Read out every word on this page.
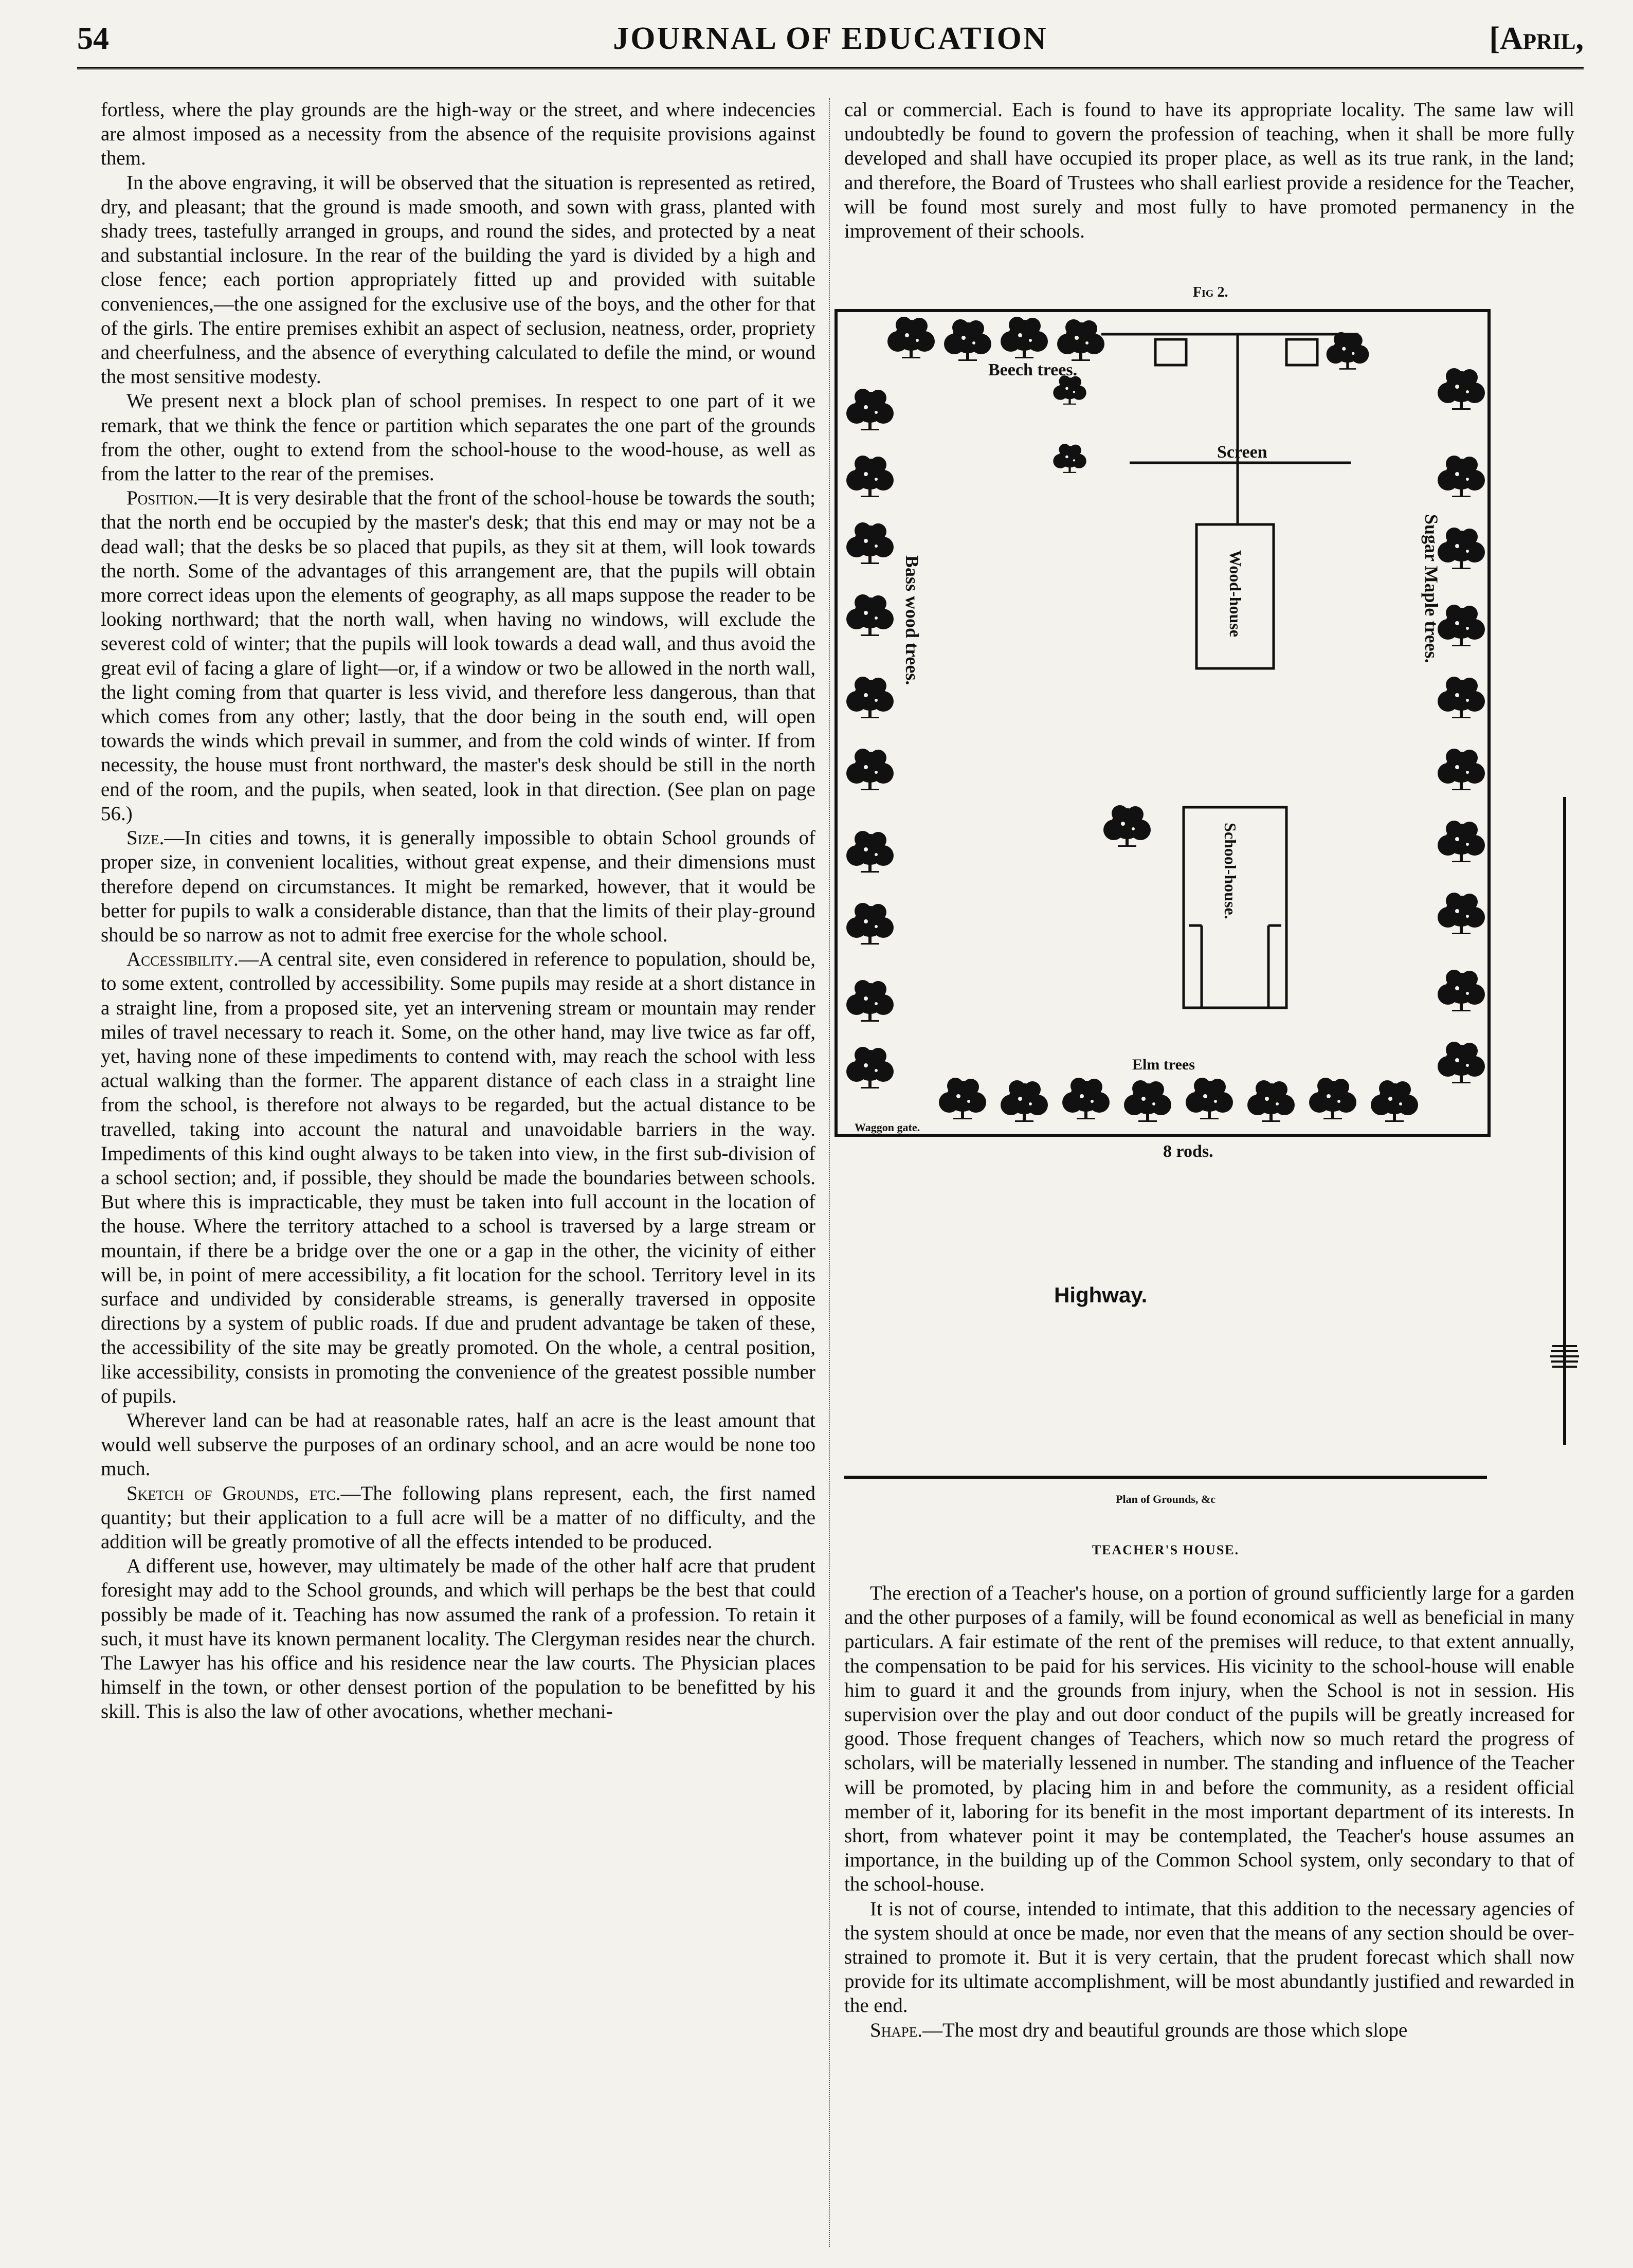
54	JOURNAL OF EDUCATION	[April,

fortless, where the play grounds are the high-way or the street, and where indecencies are almost imposed as a necessity from the absence of the requisite provisions against them.

In the above engraving, it will be observed that the situation is represented as retired, dry, and pleasant; that the ground is made smooth, and sown with grass, planted with shady trees, tastefully arranged in groups, and round the sides, and protected by a neat and substantial inclosure. In the rear of the building the yard is divided by a high and close fence; each portion appropriately fitted up and provided with suitable conveniences,—the one assigned for the exclusive use of the boys, and the other for that of the girls. The entire premises exhibit an aspect of seclusion, neatness, order, propriety and cheerfulness, and the absence of everything calculated to defile the mind, or wound the most sensitive modesty.

We present next a block plan of school premises. In respect to one part of it we remark, that we think the fence or partition which separates the one part of the grounds from the other, ought to extend from the school-house to the wood-house, as well as from the latter to the rear of the premises.

Position.—It is very desirable that the front of the school-house be towards the south; that the north end be occupied by the master's desk; that this end may or may not be a dead wall; that the desks be so placed that pupils, as they sit at them, will look towards the north. Some of the advantages of this arrangement are, that the pupils will obtain more correct ideas upon the elements of geography, as all maps suppose the reader to be looking northward; that the north wall, when having no windows, will exclude the severest cold of winter; that the pupils will look towards a dead wall, and thus avoid the great evil of facing a glare of light—or, if a window or two be allowed in the north wall, the light coming from that quarter is less vivid, and therefore less dangerous, than that which comes from any other; lastly, that the door being in the south end, will open towards the winds which prevail in summer, and from the cold winds of winter. If from necessity, the house must front northward, the master's desk should be still in the north end of the room, and the pupils, when seated, look in that direction. (See plan on page 56.)

Size.—In cities and towns, it is generally impossible to obtain School grounds of proper size, in convenient localities, without great expense, and their dimensions must therefore depend on circumstances. It might be remarked, however, that it would be better for pupils to walk a considerable distance, than that the limits of their play-ground should be so narrow as not to admit free exercise for the whole school.

Accessibility.—A central site, even considered in reference to population, should be, to some extent, controlled by accessibility. Some pupils may reside at a short distance in a straight line, from a proposed site, yet an intervening stream or mountain may render miles of travel necessary to reach it. Some, on the other hand, may live twice as far off, yet, having none of these impediments to contend with, may reach the school with less actual walking than the former. The apparent distance of each class in a straight line from the school, is therefore not always to be regarded, but the actual distance to be travelled, taking into account the natural and unavoidable barriers in the way. Impediments of this kind ought always to be taken into view, in the first sub-division of a school section; and, if possible, they should be made the boundaries between schools. But where this is impracticable, they must be taken into full account in the location of the house. Where the territory attached to a school is traversed by a large stream or mountain, if there be a bridge over the one or a gap in the other, the vicinity of either will be, in point of mere accessibility, a fit location for the school. Territory level in its surface and undivided by considerable streams, is generally traversed in opposite directions by a system of public roads. If due and prudent advantage be taken of these, the accessibility of the site may be greatly promoted. On the whole, a central position, like accessibility, consists in promoting the convenience of the greatest possible number of pupils.

Wherever land can be had at reasonable rates, half an acre is the least amount that would well subserve the purposes of an ordinary school, and an acre would be none too much.

Sketch of Grounds, etc.—The following plans represent, each, the first named quantity; but their application to a full acre will be a matter of no difficulty, and the addition will be greatly promotive of all the effects intended to be produced.

A different use, however, may ultimately be made of the other half acre that prudent foresight may add to the School grounds, and which will perhaps be the best that could possibly be made of it. Teaching has now assumed the rank of a profession. To retain it such, it must have its known permanent locality. The Clergyman resides near the church. The Lawyer has his office and his residence near the law courts. The Physician places himself in the town, or other densest portion of the population to be benefitted by his skill. This is also the law of other avocations, whether mechani-

cal or commercial. Each is found to have its appropriate locality. The same law will undoubtedly be found to govern the profession of teaching, when it shall be more fully developed and shall have occupied its proper place, as well as its true rank, in the land; and therefore, the Board of Trustees who shall earliest provide a residence for the Teacher, will be found most surely and most fully to have promoted permanency in the improvement of their schools.

Fig 2.
Beech trees.
Screen
Wood-house
School-house.
Bass wood trees.	Sugar Maple trees.
Elm trees
Waggon gate.
8 rods.
Highway.
Plan of Grounds, &c
TEACHER'S HOUSE.

The erection of a Teacher's house, on a portion of ground sufficiently large for a garden and the other purposes of a family, will be found economical as well as beneficial in many particulars. A fair estimate of the rent of the premises will reduce, to that extent annually, the compensation to be paid for his services. His vicinity to the school-house will enable him to guard it and the grounds from injury, when the School is not in session. His supervision over the play and out door conduct of the pupils will be greatly increased for good. Those frequent changes of Teachers, which now so much retard the progress of scholars, will be materially lessened in number. The standing and influence of the Teacher will be promoted, by placing him in and before the community, as a resident official member of it, laboring for its benefit in the most important department of its interests. In short, from whatever point it may be contemplated, the Teacher's house assumes an importance, in the building up of the Common School system, only secondary to that of the school-house.

It is not of course, intended to intimate, that this addition to the necessary agencies of the system should at once be made, nor even that the means of any section should be over-strained to promote it. But it is very certain, that the prudent forecast which shall now provide for its ultimate accomplishment, will be most abundantly justified and rewarded in the end.

Shape.—The most dry and beautiful grounds are those which slope
